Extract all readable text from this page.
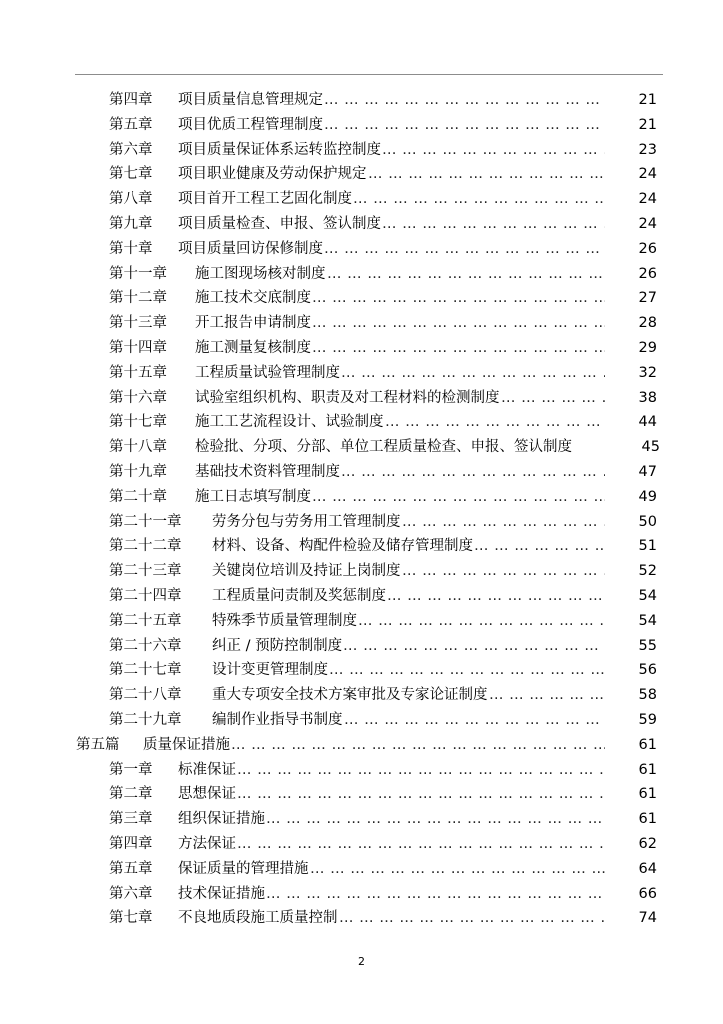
第四章 项目质量信息管理规定	21
… … … … … … … … … … … … … … … … … … … … … … … … … … … … … … … … … … … … … … … … …
第五章 项目优质工程管理制度	21
… … … … … … … … … … … … … … … … … … … … … … … … … … … … … … … … … … … … … … … … …
第六章 项目质量保证体系运转监控制度	23
… … … … … … … … … … … … … … … … … … … … … … … … … … … … … … … … … … … … … … … … …
第七章 项目职业健康及劳动保护规定	24
… … … … … … … … … … … … … … … … … … … … … … … … … … … … … … … … … … … … … … … … …
第八章 项目首开工程工艺固化制度	24
… … … … … … … … … … … … … … … … … … … … … … … … … … … … … … … … … … … … … … … … …
第九章 项目质量检查、申报、签认制度	24
… … … … … … … … … … … … … … … … … … … … … … … … … … … … … … … … … … … … … … … … …
第十章 项目质量回访保修制度	26
… … … … … … … … … … … … … … … … … … … … … … … … … … … … … … … … … … … … … … … … …
第十一章 施工图现场核对制度	26
… … … … … … … … … … … … … … … … … … … … … … … … … … … … … … … … … … … … … … … … …
第十二章 施工技术交底制度	27
… … … … … … … … … … … … … … … … … … … … … … … … … … … … … … … … … … … … … … … … …
第十三章 开工报告申请制度	28
… … … … … … … … … … … … … … … … … … … … … … … … … … … … … … … … … … … … … … … … …
第十四章 施工测量复核制度	29
… … … … … … … … … … … … … … … … … … … … … … … … … … … … … … … … … … … … … … … … …
第十五章 工程质量试验管理制度	32
… … … … … … … … … … … … … … … … … … … … … … … … … … … … … … … … … … … … … … … … …
第十六章 试验室组织机构、职责及对工程材料的检测制度	38
… … … … … … … … … … … … … … … … … … … … … … … … … … … … … … … … … … … … … … … … …
第十七章 施工工艺流程设计、试验制度	44
… … … … … … … … … … … … … … … … … … … … … … … … … … … … … … … … … … … … … … … … …
第十八章 检验批、分项、分部、单位工程质量检查、申报、签认制度	45
第十九章 基础技术资料管理制度	47
… … … … … … … … … … … … … … … … … … … … … … … … … … … … … … … … … … … … … … … … …
第二十章 施工日志填写制度	49
… … … … … … … … … … … … … … … … … … … … … … … … … … … … … … … … … … … … … … … … …
第二十一章 劳务分包与劳务用工管理制度	50
… … … … … … … … … … … … … … … … … … … … … … … … … … … … … … … … … … … … … … … … …
第二十二章 材料、设备、构配件检验及储存管理制度	51
… … … … … … … … … … … … … … … … … … … … … … … … … … … … … … … … … … … … … … … … …
第二十三章 关键岗位培训及持证上岗制度	52
… … … … … … … … … … … … … … … … … … … … … … … … … … … … … … … … … … … … … … … … …
第二十四章 工程质量问责制及奖惩制度	54
… … … … … … … … … … … … … … … … … … … … … … … … … … … … … … … … … … … … … … … … …
第二十五章 特殊季节质量管理制度	54
… … … … … … … … … … … … … … … … … … … … … … … … … … … … … … … … … … … … … … … … …
第二十六章 纠正 / 预防控制制度	55
… … … … … … … … … … … … … … … … … … … … … … … … … … … … … … … … … … … … … … … … …
第二十七章 设计变更管理制度	56
… … … … … … … … … … … … … … … … … … … … … … … … … … … … … … … … … … … … … … … … …
第二十八章 重大专项安全技术方案审批及专家论证制度	58
… … … … … … … … … … … … … … … … … … … … … … … … … … … … … … … … … … … … … … … … …
第二十九章 编制作业指导书制度	59
… … … … … … … … … … … … … … … … … … … … … … … … … … … … … … … … … … … … … … … … …
第五篇 质量保证措施	61
… … … … … … … … … … … … … … … … … … … … … … … … … … … … … … … … … … … … … … … … …
第一章 标准保证	61
… … … … … … … … … … … … … … … … … … … … … … … … … … … … … … … … … … … … … … … … …
第二章 思想保证	61
… … … … … … … … … … … … … … … … … … … … … … … … … … … … … … … … … … … … … … … … …
第三章 组织保证措施	61
… … … … … … … … … … … … … … … … … … … … … … … … … … … … … … … … … … … … … … … … …
第四章 方法保证	62
… … … … … … … … … … … … … … … … … … … … … … … … … … … … … … … … … … … … … … … … …
第五章 保证质量的管理措施	64
… … … … … … … … … … … … … … … … … … … … … … … … … … … … … … … … … … … … … … … … …
第六章 技术保证措施	66
… … … … … … … … … … … … … … … … … … … … … … … … … … … … … … … … … … … … … … … … …
第七章 不良地质段施工质量控制	74
… … … … … … … … … … … … … … … … … … … … … … … … … … … … … … … … … … … … … … … … …
2
